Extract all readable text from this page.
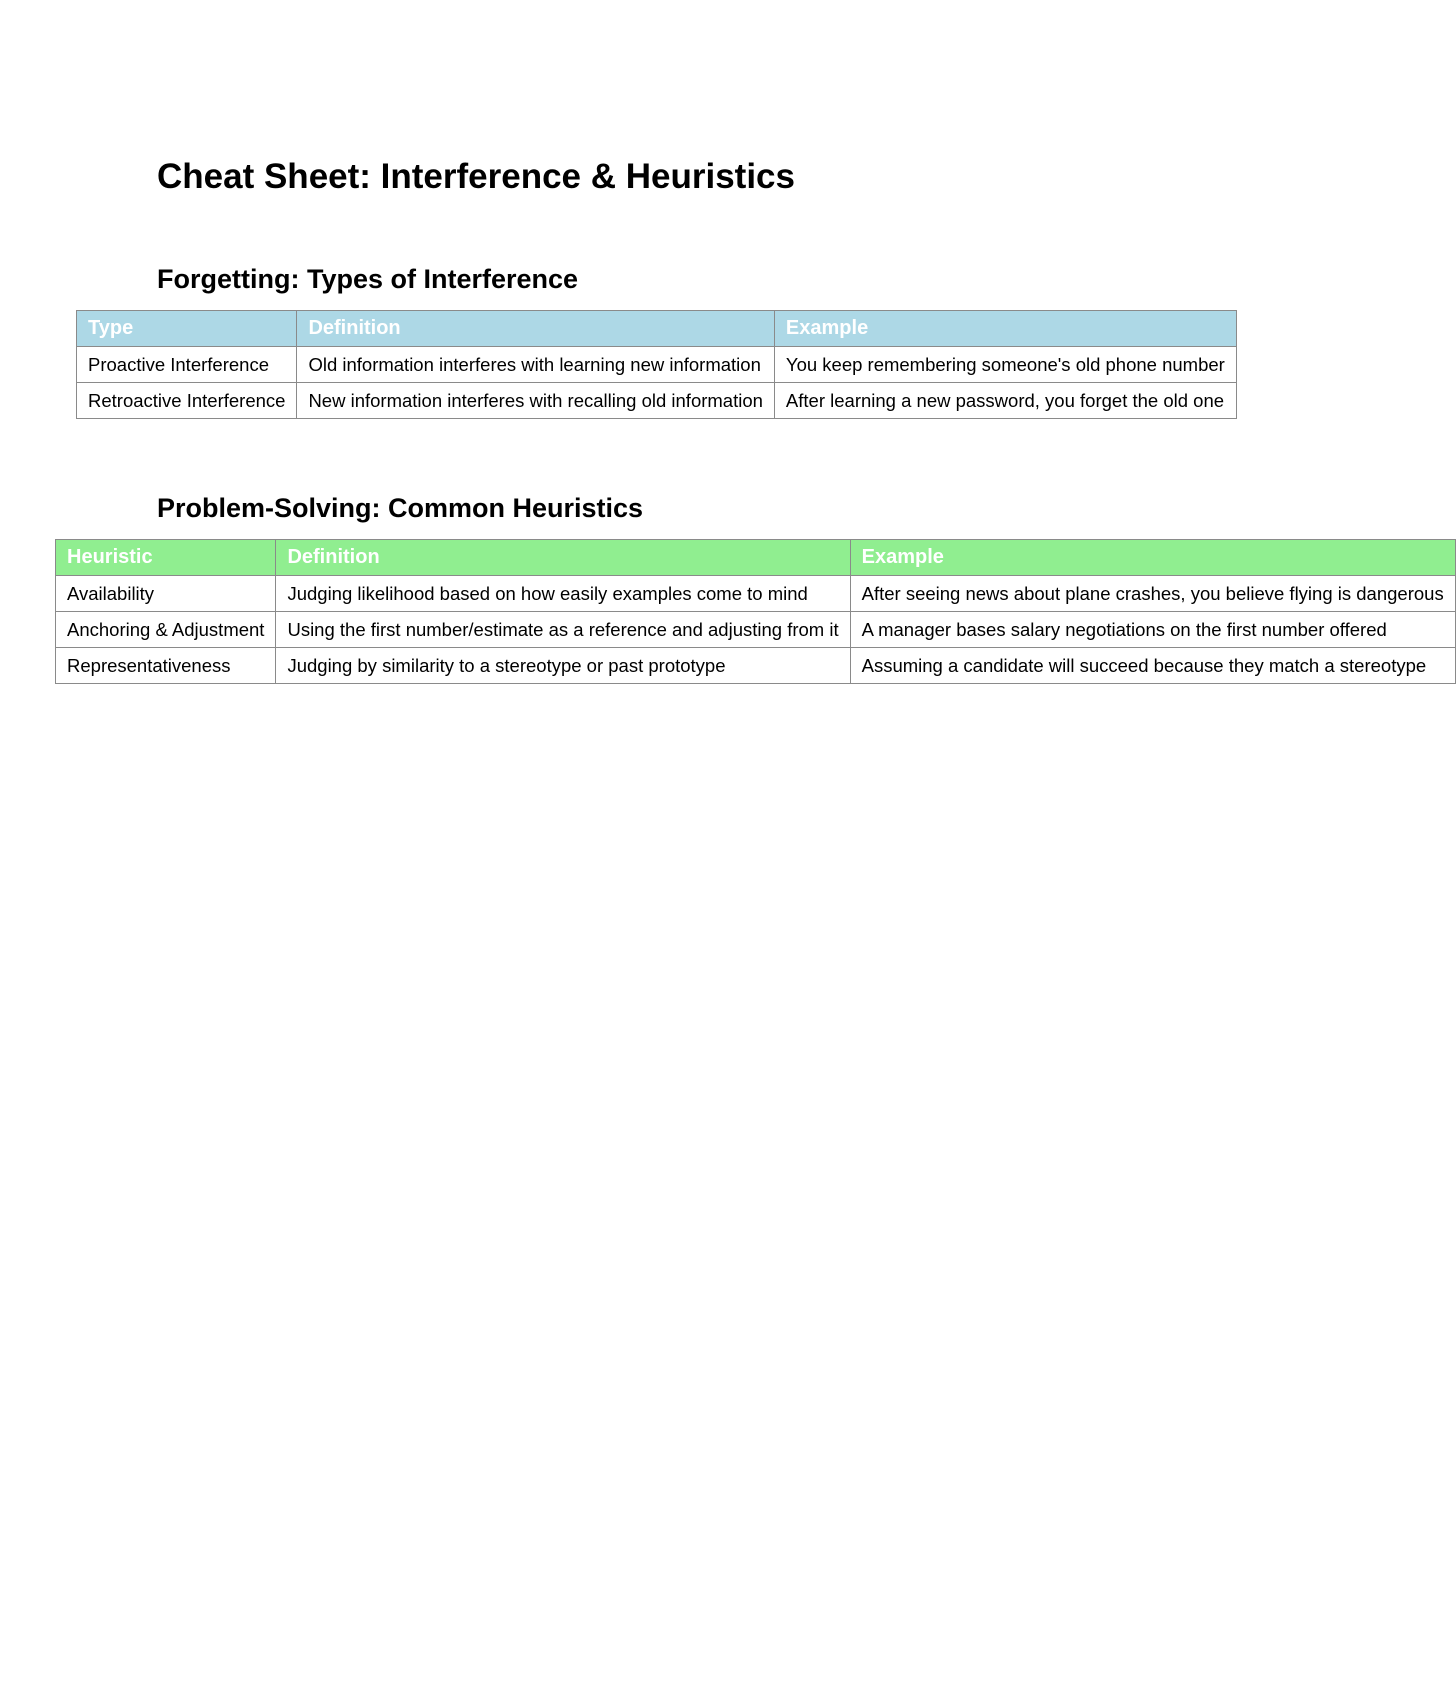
Cheat Sheet: Interference & Heuristics
Forgetting: Types of Interference
Type	Definition	Example
Proactive Interference	Old information interferes with learning new information	You keep remembering someone's old phone number
Retroactive Interference	New information interferes with recalling old information	After learning a new password, you forget the old one
Problem-Solving: Common Heuristics
Heuristic	Definition	Example
Availability	Judging likelihood based on how easily examples come to mind	After seeing news about plane crashes, you believe flying is dangerous
Anchoring & Adjustment	Using the first number/estimate as a reference and adjusting from it	A manager bases salary negotiations on the first number offered
Representativeness	Judging by similarity to a stereotype or past prototype	Assuming a candidate will succeed because they match a stereotype
